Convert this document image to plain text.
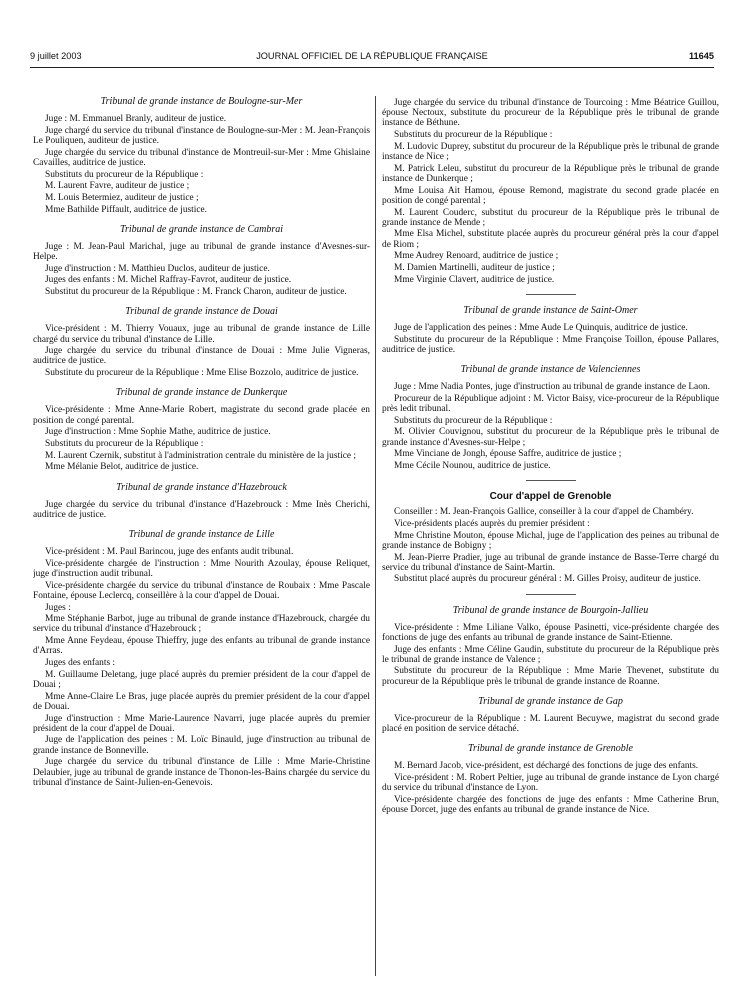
9 juillet 2003	JOURNAL OFFICIEL DE LA RÉPUBLIQUE FRANÇAISE	11645
Tribunal de grande instance de Boulogne-sur-Mer
Juge : M. Emmanuel Branly, auditeur de justice.
Juge chargé du service du tribunal d'instance de Boulogne-sur-Mer : M. Jean-François Le Pouliquen, auditeur de justice.
Juge chargée du service du tribunal d'instance de Montreuil-sur-Mer : Mme Ghislaine Cavailles, auditrice de justice.
Substituts du procureur de la République :
M. Laurent Favre, auditeur de justice ;
M. Louis Betermiez, auditeur de justice ;
Mme Bathilde Piffault, auditrice de justice.
Tribunal de grande instance de Cambrai
Juge : M. Jean-Paul Marichal, juge au tribunal de grande instance d'Avesnes-sur-Helpe.
Juge d'instruction : M. Matthieu Duclos, auditeur de justice.
Juges des enfants : M. Michel Raffray-Favrot, auditeur de justice.
Substitut du procureur de la République : M. Franck Charon, auditeur de justice.
Tribunal de grande instance de Douai
Vice-président : M. Thierry Vouaux, juge au tribunal de grande instance de Lille chargé du service du tribunal d'instance de Lille.
Juge chargée du service du tribunal d'instance de Douai : Mme Julie Vigneras, auditrice de justice.
Substitute du procureur de la République : Mme Elise Bozzolo, auditrice de justice.
Tribunal de grande instance de Dunkerque
Vice-présidente : Mme Anne-Marie Robert, magistrate du second grade placée en position de congé parental.
Juge d'instruction : Mme Sophie Mathe, auditrice de justice.
Substituts du procureur de la République :
M. Laurent Czernik, substitut à l'administration centrale du ministère de la justice ;
Mme Mélanie Belot, auditrice de justice.
Tribunal de grande instance d'Hazebrouck
Juge chargée du service du tribunal d'instance d'Hazebrouck : Mme Inès Cherichi, auditrice de justice.
Tribunal de grande instance de Lille
Vice-président : M. Paul Barincou, juge des enfants audit tribunal.
Vice-présidente chargée de l'instruction : Mme Nourith Azoulay, épouse Reliquet, juge d'instruction audit tribunal.
Vice-présidente chargée du service du tribunal d'instance de Roubaix : Mme Pascale Fontaine, épouse Leclercq, conseillère à la cour d'appel de Douai.
Juges :
Mme Stéphanie Barbot, juge au tribunal de grande instance d'Hazebrouck, chargée du service du tribunal d'instance d'Hazebrouck ;
Mme Anne Feydeau, épouse Thieffry, juge des enfants au tribunal de grande instance d'Arras.
Juges des enfants :
M. Guillaume Deletang, juge placé auprès du premier président de la cour d'appel de Douai ;
Mme Anne-Claire Le Bras, juge placée auprès du premier président de la cour d'appel de Douai.
Juge d'instruction : Mme Marie-Laurence Navarri, juge placée auprès du premier président de la cour d'appel de Douai.
Juge de l'application des peines : M. Loïc Binauld, juge d'instruction au tribunal de grande instance de Bonneville.
Juge chargée du service du tribunal d'instance de Lille : Mme Marie-Christine Delaubier, juge au tribunal de grande instance de Thonon-les-Bains chargée du service du tribunal d'instance de Saint-Julien-en-Genevois.
Juge chargée du service du tribunal d'instance de Tourcoing : Mme Béatrice Guillou, épouse Nectoux, substitute du procureur de la République près le tribunal de grande instance de Béthune.
Substituts du procureur de la République :
M. Ludovic Duprey, substitut du procureur de la République près le tribunal de grande instance de Nice ;
M. Patrick Leleu, substitut du procureur de la République près le tribunal de grande instance de Dunkerque ;
Mme Louisa Ait Hamou, épouse Remond, magistrate du second grade placée en position de congé parental ;
M. Laurent Couderc, substitut du procureur de la République près le tribunal de grande instance de Mende ;
Mme Elsa Michel, substitute placée auprès du procureur général près la cour d'appel de Riom ;
Mme Audrey Renoard, auditrice de justice ;
M. Damien Martinelli, auditeur de justice ;
Mme Virginie Clavert, auditrice de justice.
Tribunal de grande instance de Saint-Omer
Juge de l'application des peines : Mme Aude Le Quinquis, auditrice de justice.
Substitute du procureur de la République : Mme Françoise Toillon, épouse Pallares, auditrice de justice.
Tribunal de grande instance de Valenciennes
Juge : Mme Nadia Pontes, juge d'instruction au tribunal de grande instance de Laon.
Procureur de la République adjoint : M. Victor Baisy, vice-procureur de la République près ledit tribunal.
Substituts du procureur de la République :
M. Olivier Couvignou, substitut du procureur de la République près le tribunal de grande instance d'Avesnes-sur-Helpe ;
Mme Vinciane de Jongh, épouse Saffre, auditrice de justice ;
Mme Cécile Nounou, auditrice de justice.
Cour d'appel de Grenoble
Conseiller : M. Jean-François Gallice, conseiller à la cour d'appel de Chambéry.
Vice-présidents placés auprès du premier président :
Mme Christine Mouton, épouse Michal, juge de l'application des peines au tribunal de grande instance de Bobigny ;
M. Jean-Pierre Pradier, juge au tribunal de grande instance de Basse-Terre chargé du service du tribunal d'instance de Saint-Martin.
Substitut placé auprès du procureur général : M. Gilles Proisy, auditeur de justice.
Tribunal de grande instance de Bourgoin-Jallieu
Vice-présidente : Mme Liliane Valko, épouse Pasinetti, vice-présidente chargée des fonctions de juge des enfants au tribunal de grande instance de Saint-Etienne.
Juge des enfants : Mme Céline Gaudin, substitute du procureur de la République près le tribunal de grande instance de Valence ;
Substitute du procureur de la République : Mme Marie Thevenet, substitute du procureur de la République près le tribunal de grande instance de Roanne.
Tribunal de grande instance de Gap
Vice-procureur de la République : M. Laurent Becuywe, magistrat du second grade placé en position de service détaché.
Tribunal de grande instance de Grenoble
M. Bernard Jacob, vice-président, est déchargé des fonctions de juge des enfants.
Vice-président : M. Robert Peltier, juge au tribunal de grande instance de Lyon chargé du service du tribunal d'instance de Lyon.
Vice-présidente chargée des fonctions de juge des enfants : Mme Catherine Brun, épouse Dorcet, juge des enfants au tribunal de grande instance de Nice.
